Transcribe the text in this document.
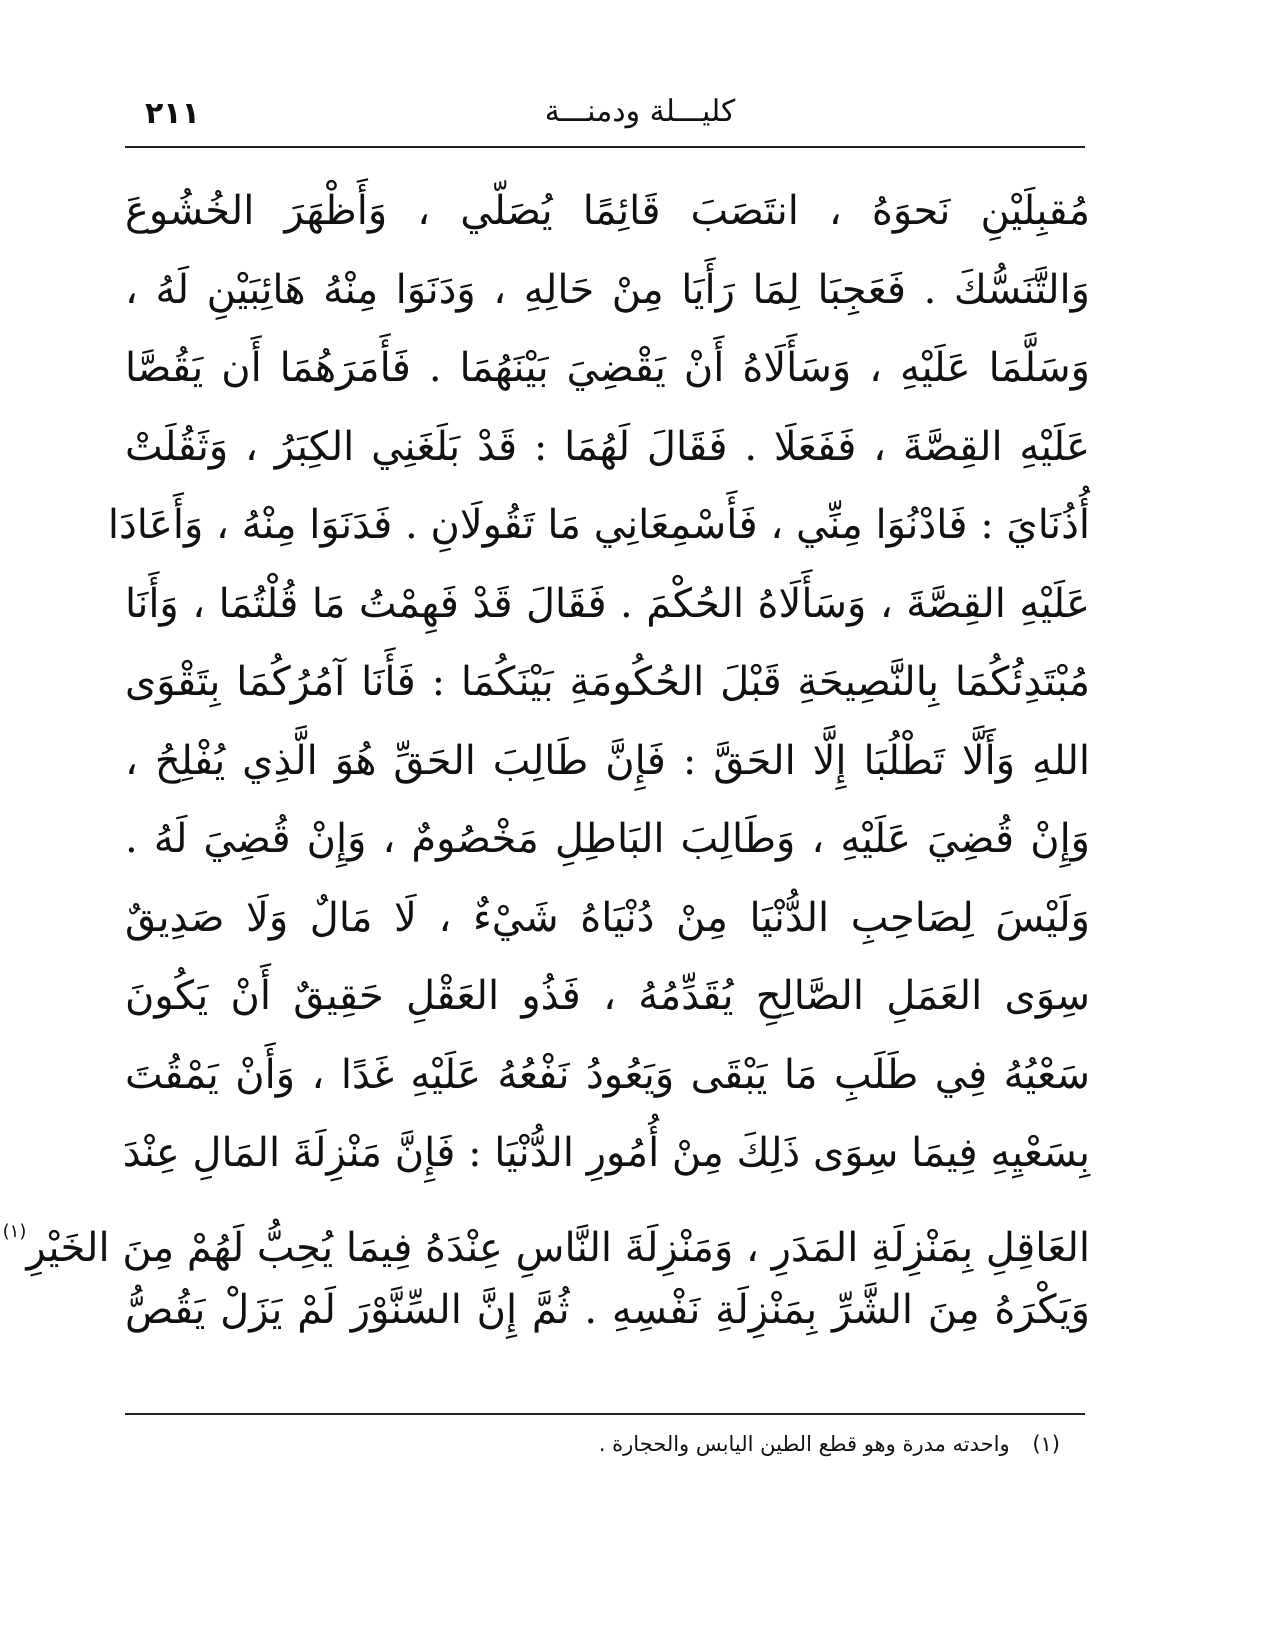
٢١١	كليـــلة ودمنـــة
مُقبِلَيْنِ نَحوَهُ ، انتَصَبَ قَائِمًا يُصَلّي ، وَأَظْهَرَ الخُشُوعَ
وَالتَّنَسُّكَ . فَعَجِبَا لِمَا رَأَيَا مِنْ حَالِهِ ، وَدَنَوَا مِنْهُ هَائِبَيْنِ لَهُ ،
وَسَلَّمَا عَلَيْهِ ، وَسَأَلَاهُ أَنْ يَقْضِيَ بَيْنَهُمَا . فَأَمَرَهُمَا أَن يَقُصَّا
عَلَيْهِ القِصَّةَ ، فَفَعَلَا . فَقَالَ لَهُمَا : قَدْ بَلَغَنِي الكِبَرُ ، وَثَقُلَتْ
أُذُنَايَ : فَادْنُوَا مِنِّي ، فَأَسْمِعَانِي مَا تَقُولَانِ . فَدَنَوَا مِنْهُ ، وَأَعَادَا
عَلَيْهِ القِصَّةَ ، وَسَأَلَاهُ الحُكْمَ . فَقَالَ قَدْ فَهِمْتُ مَا قُلْتُمَا ، وَأَنَا
مُبْتَدِئُكُمَا بِالنَّصِيحَةِ قَبْلَ الحُكُومَةِ بَيْنَكُمَا : فَأَنَا آمُرُكُمَا بِتَقْوَى
اللهِ وَأَلَّا تَطْلُبَا إِلَّا الحَقَّ : فَإِنَّ طَالِبَ الحَقِّ هُوَ الَّذِي يُفْلِحُ ،
وَإِنْ قُضِيَ عَلَيْهِ ، وَطَالِبَ البَاطِلِ مَخْصُومٌ ، وَإِنْ قُضِيَ لَهُ .
وَلَيْسَ لِصَاحِبِ الدُّنْيَا مِنْ دُنْيَاهُ شَيْءٌ ، لَا مَالٌ وَلَا صَدِيقٌ
سِوَى العَمَلِ الصَّالِحِ يُقَدِّمُهُ ، فَذُو العَقْلِ حَقِيقٌ أَنْ يَكُونَ
سَعْيُهُ فِي طَلَبِ مَا يَبْقَى وَيَعُودُ نَفْعُهُ عَلَيْهِ غَدًا ، وَأَنْ يَمْقُتَ
بِسَعْيِهِ فِيمَا سِوَى ذَلِكَ مِنْ أُمُورِ الدُّنْيَا : فَإِنَّ مَنْزِلَةَ المَالِ عِنْدَ
العَاقِلِ بِمَنْزِلَةِ المَدَرِ ، وَمَنْزِلَةَ النَّاسِ عِنْدَهُ فِيمَا يُحِبُّ لَهُمْ مِنَ الخَيْرِ$^{(١)}$
وَيَكْرَهُ مِنَ الشَّرِّ بِمَنْزِلَةِ نَفْسِهِ . ثُمَّ إِنَّ السِّنَّوْرَ لَمْ يَزَلْ يَقُصُّ
(١) واحدته مدرة وهو قطع الطين اليابس والحجارة .
